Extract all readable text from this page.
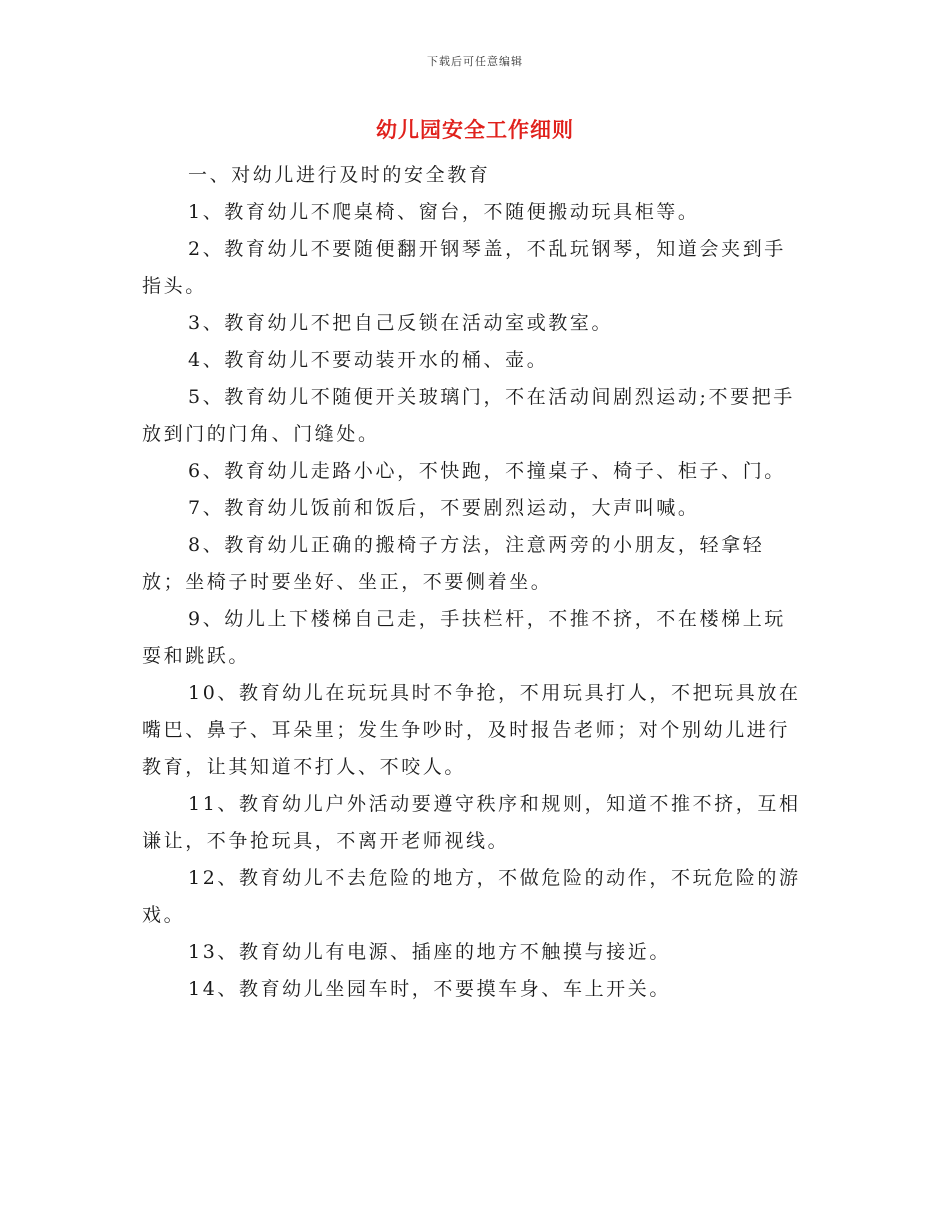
下载后可任意编辑
幼儿园安全工作细则

一、对幼儿进行及时的安全教育

1、教育幼儿不爬桌椅、窗台，不随便搬动玩具柜等。

2、教育幼儿不要随便翻开钢琴盖，不乱玩钢琴，知道会夹到手指头。

3、教育幼儿不把自己反锁在活动室或教室。

4、教育幼儿不要动装开水的桶、壶。

5、教育幼儿不随便开关玻璃门，不在活动间剧烈运动;不要把手放到门的门角、门缝处。

6、教育幼儿走路小心，不快跑，不撞桌子、椅子、柜子、门。

7、教育幼儿饭前和饭后，不要剧烈运动，大声叫喊。

8、教育幼儿正确的搬椅子方法，注意两旁的小朋友，轻拿轻放；坐椅子时要坐好、坐正，不要侧着坐。

9、幼儿上下楼梯自己走，手扶栏杆，不推不挤，不在楼梯上玩耍和跳跃。

10、教育幼儿在玩玩具时不争抢，不用玩具打人，不把玩具放在嘴巴、鼻子、耳朵里；发生争吵时，及时报告老师；对个别幼儿进行教育，让其知道不打人、不咬人。

11、教育幼儿户外活动要遵守秩序和规则，知道不推不挤，互相谦让，不争抢玩具，不离开老师视线。

12、教育幼儿不去危险的地方，不做危险的动作，不玩危险的游戏。

13、教育幼儿有电源、插座的地方不触摸与接近。

14、教育幼儿坐园车时，不要摸车身、车上开关。
